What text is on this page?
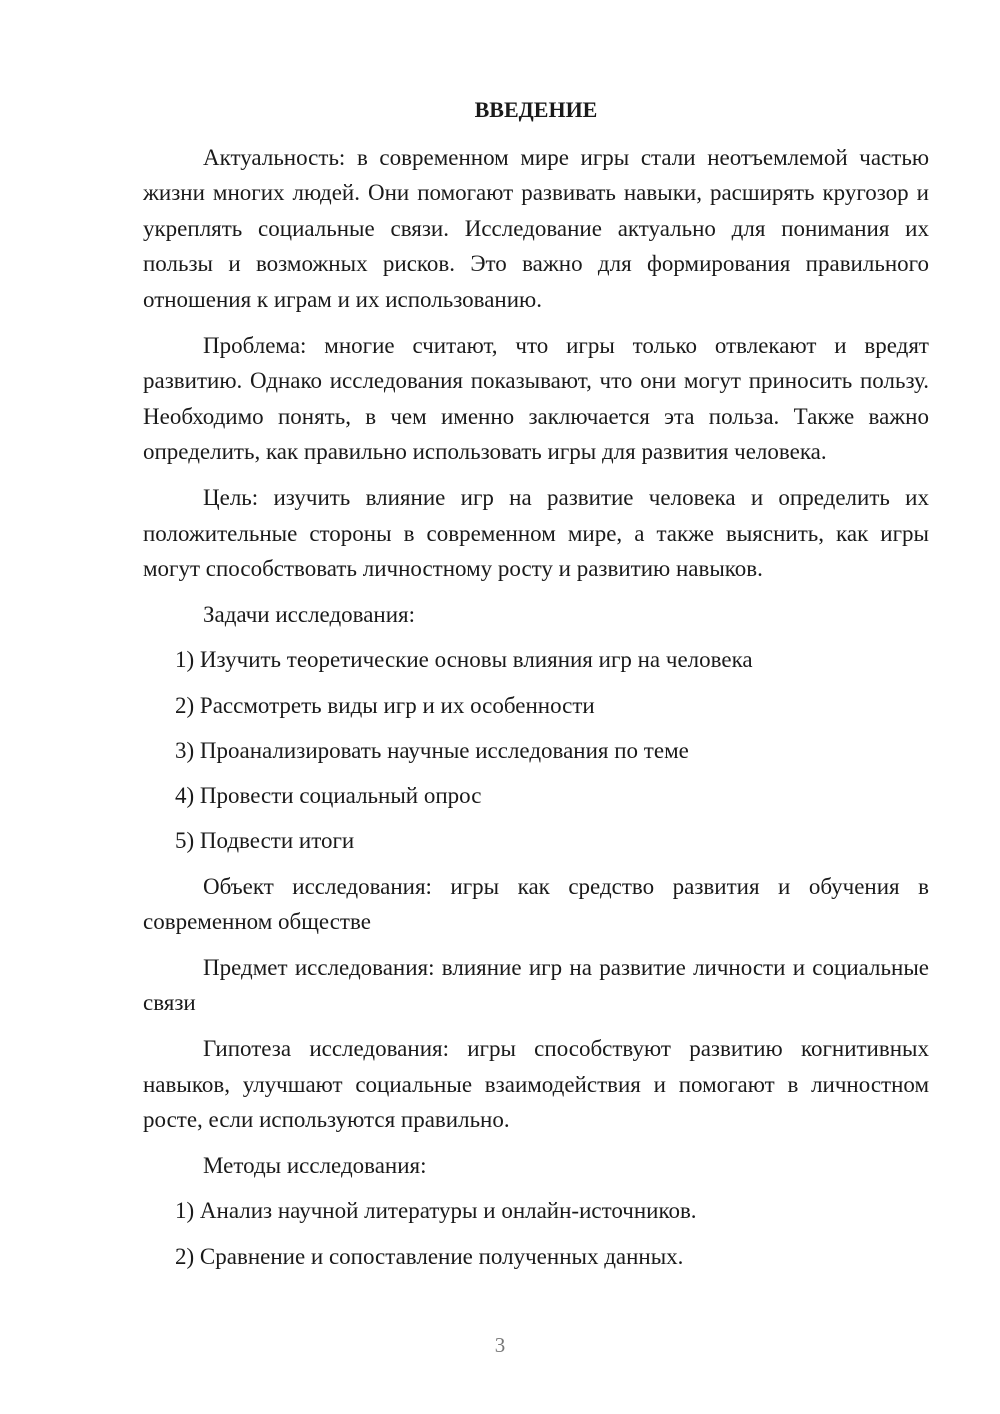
ВВЕДЕНИЕ

Актуальность: в современном мире игры стали неотъемлемой частью жизни многих людей. Они помогают развивать навыки, расширять кругозор и укреплять социальные связи. Исследование актуально для понимания их пользы и возможных рисков. Это важно для формирования правильного отношения к играм и их использованию.

Проблема: многие считают, что игры только отвлекают и вредят развитию. Однако исследования показывают, что они могут приносить пользу. Необходимо понять, в чем именно заключается эта польза. Также важно определить, как правильно использовать игры для развития человека.

Цель: изучить влияние игр на развитие человека и определить их положительные стороны в современном мире, а также выяснить, как игры могут способствовать личностному росту и развитию навыков.

Задачи исследования:
1) Изучить теоретические основы влияния игр на человека
2) Рассмотреть виды игр и их особенности
3) Проанализировать научные исследования по теме
4) Провести социальный опрос
5) Подвести итоги

Объект исследования: игры как средство развития и обучения в современном обществе

Предмет исследования: влияние игр на развитие личности и социальные связи

Гипотеза исследования: игры способствуют развитию когнитивных навыков, улучшают социальные взаимодействия и помогают в личностном росте, если используются правильно.

Методы исследования:
1) Анализ научной литературы и онлайн-источников.
2) Сравнение и сопоставление полученных данных.
3
